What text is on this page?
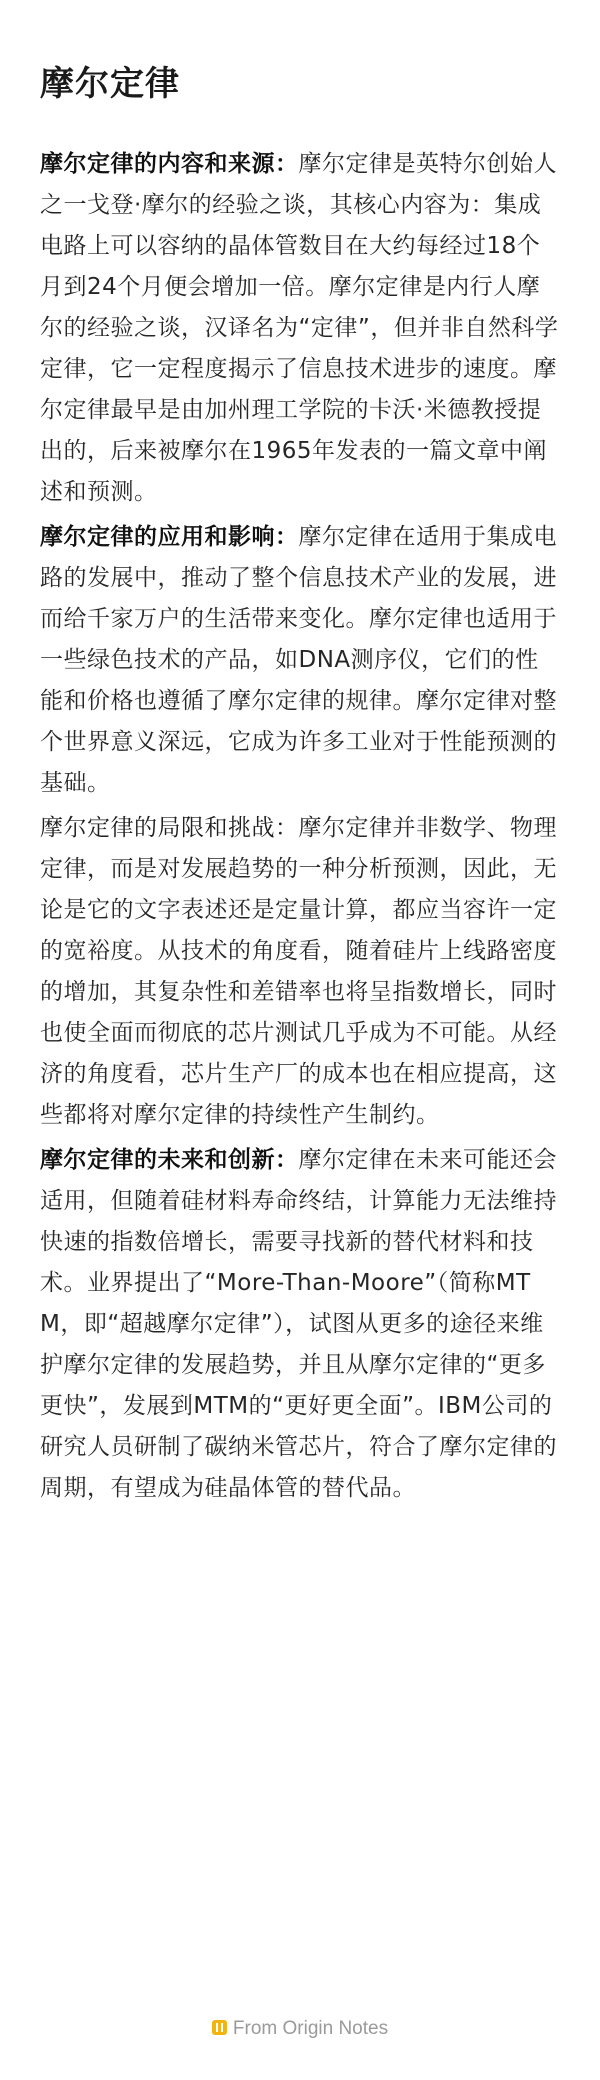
摩尔定律

摩尔定律的内容和来源：摩尔定律是英特尔创始人之一戈登·摩尔的经验之谈，其核心内容为：集成电路上可以容纳的晶体管数目在大约每经过18个月到24个月便会增加一倍。摩尔定律是内行人摩尔的经验之谈，汉译名为“定律”，但并非自然科学定律，它一定程度揭示了信息技术进步的速度。摩尔定律最早是由加州理工学院的卡沃·米德教授提出的，后来被摩尔在1965年发表的一篇文章中阐述和预测。

摩尔定律的应用和影响：摩尔定律在适用于集成电路的发展中，推动了整个信息技术产业的发展，进而给千家万户的生活带来变化。摩尔定律也适用于一些绿色技术的产品，如DNA测序仪，它们的性能和价格也遵循了摩尔定律的规律。摩尔定律对整个世界意义深远，它成为许多工业对于性能预测的基础。

摩尔定律的局限和挑战：摩尔定律并非数学、物理定律，而是对发展趋势的一种分析预测，因此，无论是它的文字表述还是定量计算，都应当容许一定的宽裕度。从技术的角度看，随着硅片上线路密度的增加，其复杂性和差错率也将呈指数增长，同时也使全面而彻底的芯片测试几乎成为不可能。从经济的角度看，芯片生产厂的成本也在相应提高，这些都将对摩尔定律的持续性产生制约。

摩尔定律的未来和创新：摩尔定律在未来可能还会适用，但随着硅材料寿命终结，计算能力无法维持快速的指数倍增长，需要寻找新的替代材料和技术。业界提出了“More-Than-Moore”（简称MTM，即“超越摩尔定律”），试图从更多的途径来维护摩尔定律的发展趋势，并且从摩尔定律的“更多更快”，发展到MTM的“更好更全面”。IBM公司的研究人员研制了碳纳米管芯片，符合了摩尔定律的周期，有望成为硅晶体管的替代品。

From Origin Notes
